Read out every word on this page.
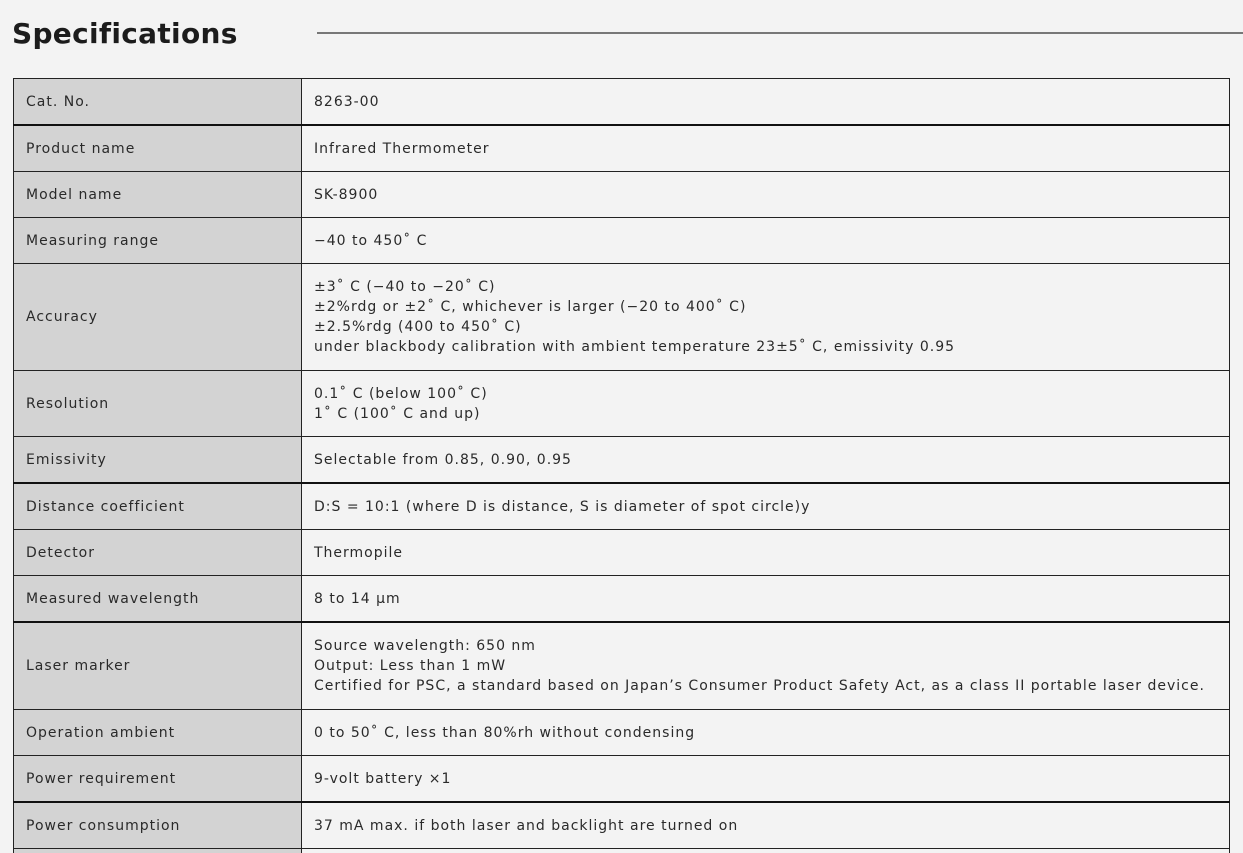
Specifications
Cat. No.	8263-00
Product name	Infrared Thermometer
Model name	SK-8900
Measuring range	−40 to 450˚ C
Accuracy	±3˚ C (−40 to −20˚ C)
±2%rdg or ±2˚ C, whichever is larger (−20 to 400˚ C)
±2.5%rdg (400 to 450˚ C)
under blackbody calibration with ambient temperature 23±5˚ C, emissivity 0.95

Resolution	0.1˚ C (below 100˚ C)
1˚ C (100˚ C and up)

Emissivity	Selectable from 0.85, 0.90, 0.95
Distance coefficient	D:S = 10:1 (where D is distance, S is diameter of spot circle)y
Detector	Thermopile
Measured wavelength	8 to 14 μm
Laser marker	Source wavelength: 650 nm
Output: Less than 1 mW
Certified for PSC, a standard based on Japan’s Consumer Product Safety Act, as a class II portable laser device.

Operation ambient	0 to 50˚ C, less than 80%rh without condensing
Power requirement	9-volt battery ×1
Power consumption	37 mA max. if both laser and backlight are turned on
